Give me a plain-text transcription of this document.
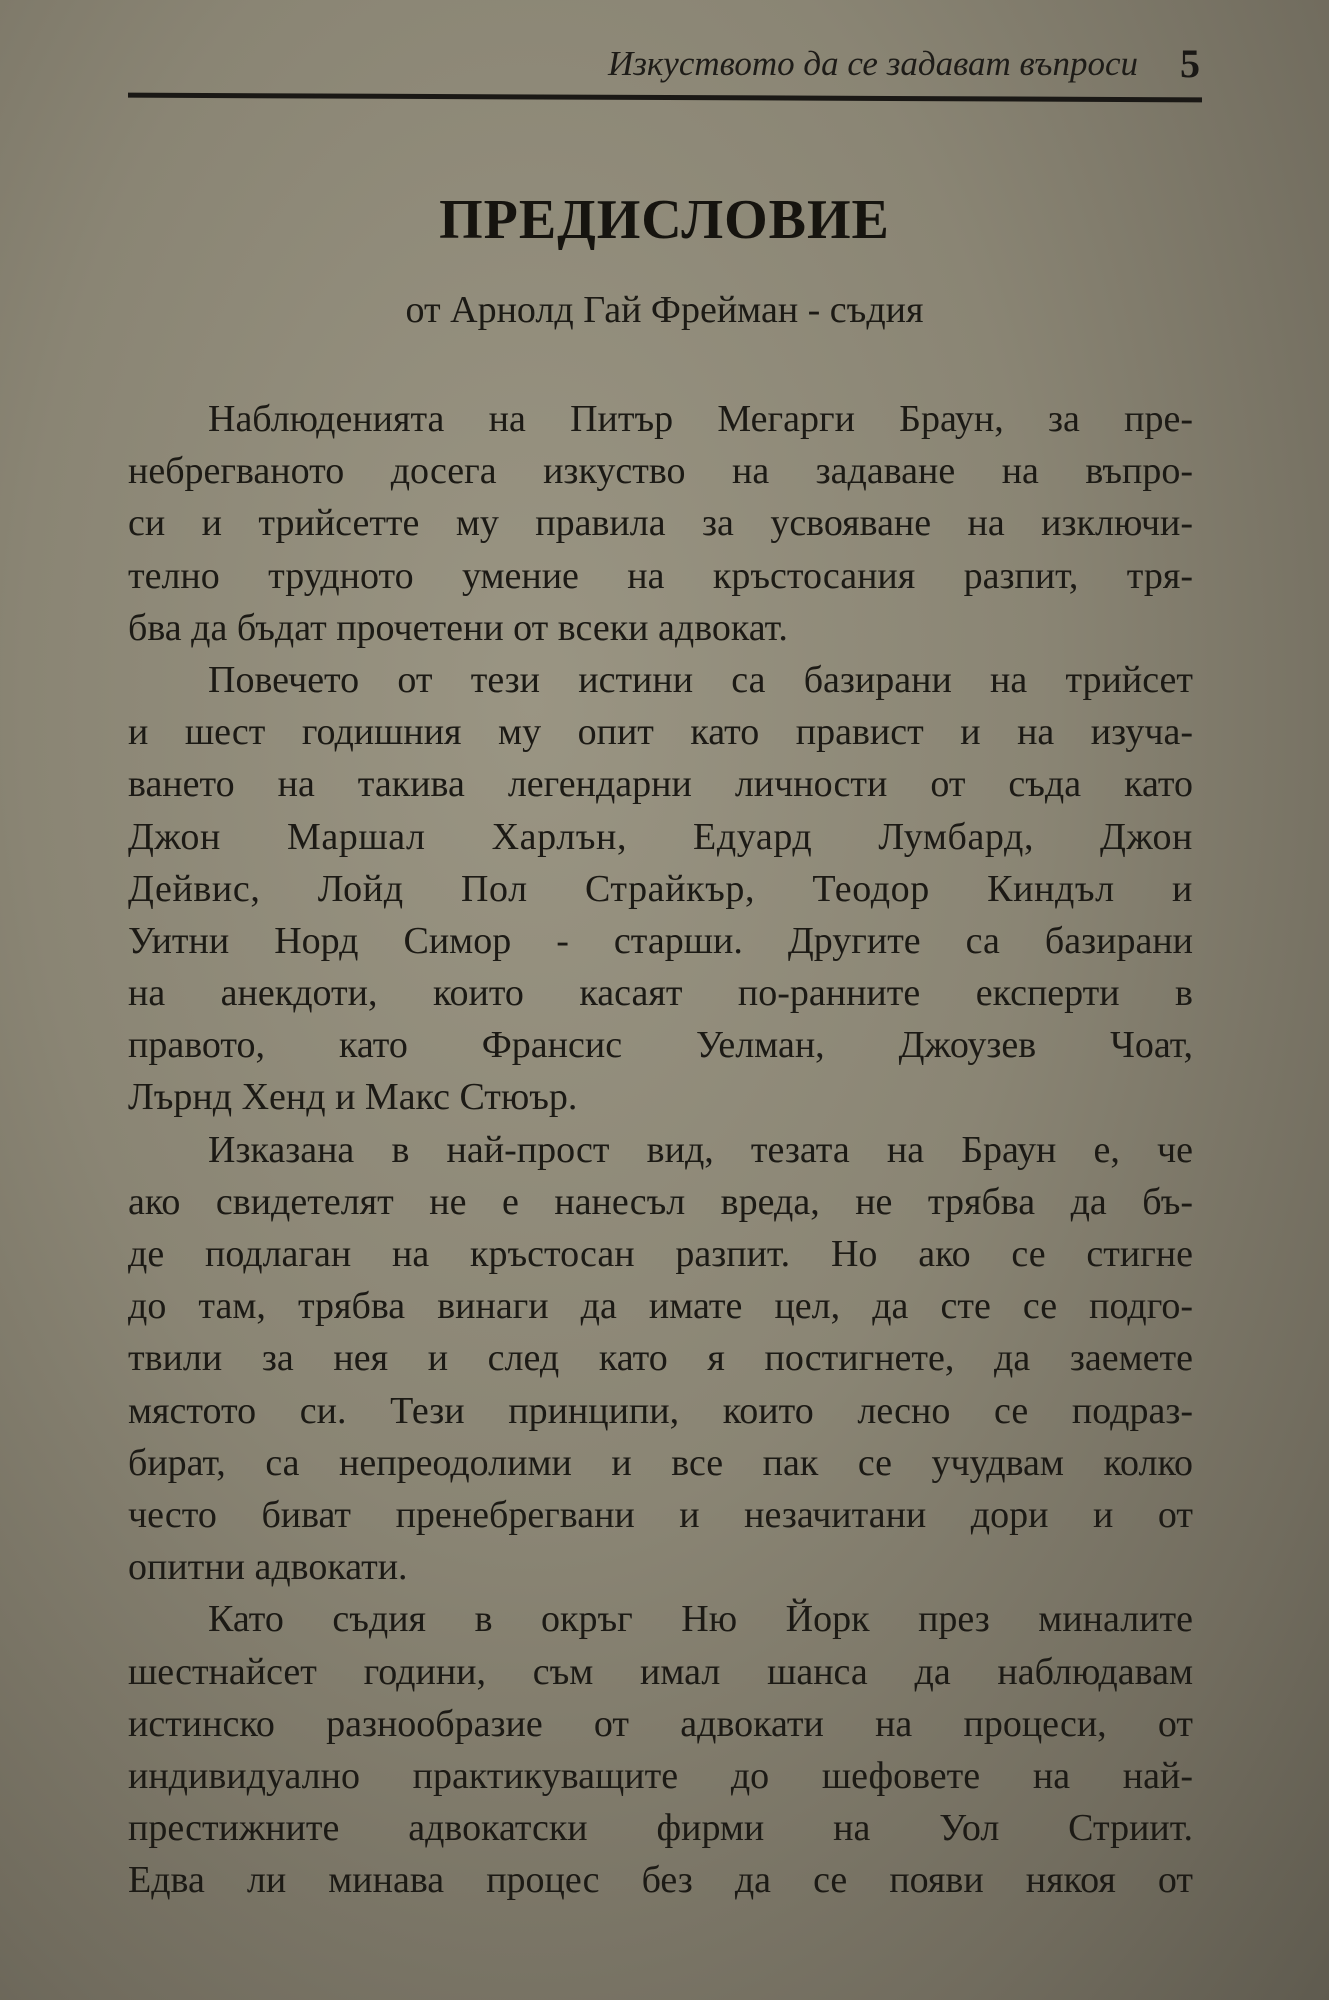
Изкуството да се задават въпроси 5
ПРЕДИСЛОВИЕ
от Арнолд Гай Фрейман - съдия
Наблюденията на Питър Мегарги Браун, за пре-
небрегваното досега изкуство на задаване на въпро-
си и трийсетте му правила за усвояване на изключи-
телно трудното умение на кръстосания разпит, тря-
бва да бъдат прочетени от всеки адвокат.
Повечето от тези истини са базирани на трийсет
и шест годишния му опит като правист и на изуча-
ването на такива легендарни личности от съда като
Джон Маршал Харлън, Едуард Лумбард, Джон
Дейвис, Лойд Пол Страйкър, Теодор Киндъл и
Уитни Норд Симор - старши. Другите са базирани
на анекдоти, които касаят по-ранните експерти в
правото, като Франсис Уелман, Джоузев Чоат,
Лърнд Хенд и Макс Стюър.
Изказана в най-прост вид, тезата на Браун е, че
ако свидетелят не е нанесъл вреда, не трябва да бъ-
де подлаган на кръстосан разпит. Но ако се стигне
до там, трябва винаги да имате цел, да сте се подго-
твили за нея и след като я постигнете, да заемете
мястото си. Тези принципи, които лесно се подраз-
бират, са непреодолими и все пак се учудвам колко
често биват пренебрегвани и незачитани дори и от
опитни адвокати.
Като съдия в окръг Ню Йорк през миналите
шестнайсет години, съм имал шанса да наблюдавам
истинско разнообразие от адвокати на процеси, от
индивидуално практикуващите до шефовете на най-
престижните адвокатски фирми на Уол Стриит.
Едва ли минава процес без да се появи някоя от
